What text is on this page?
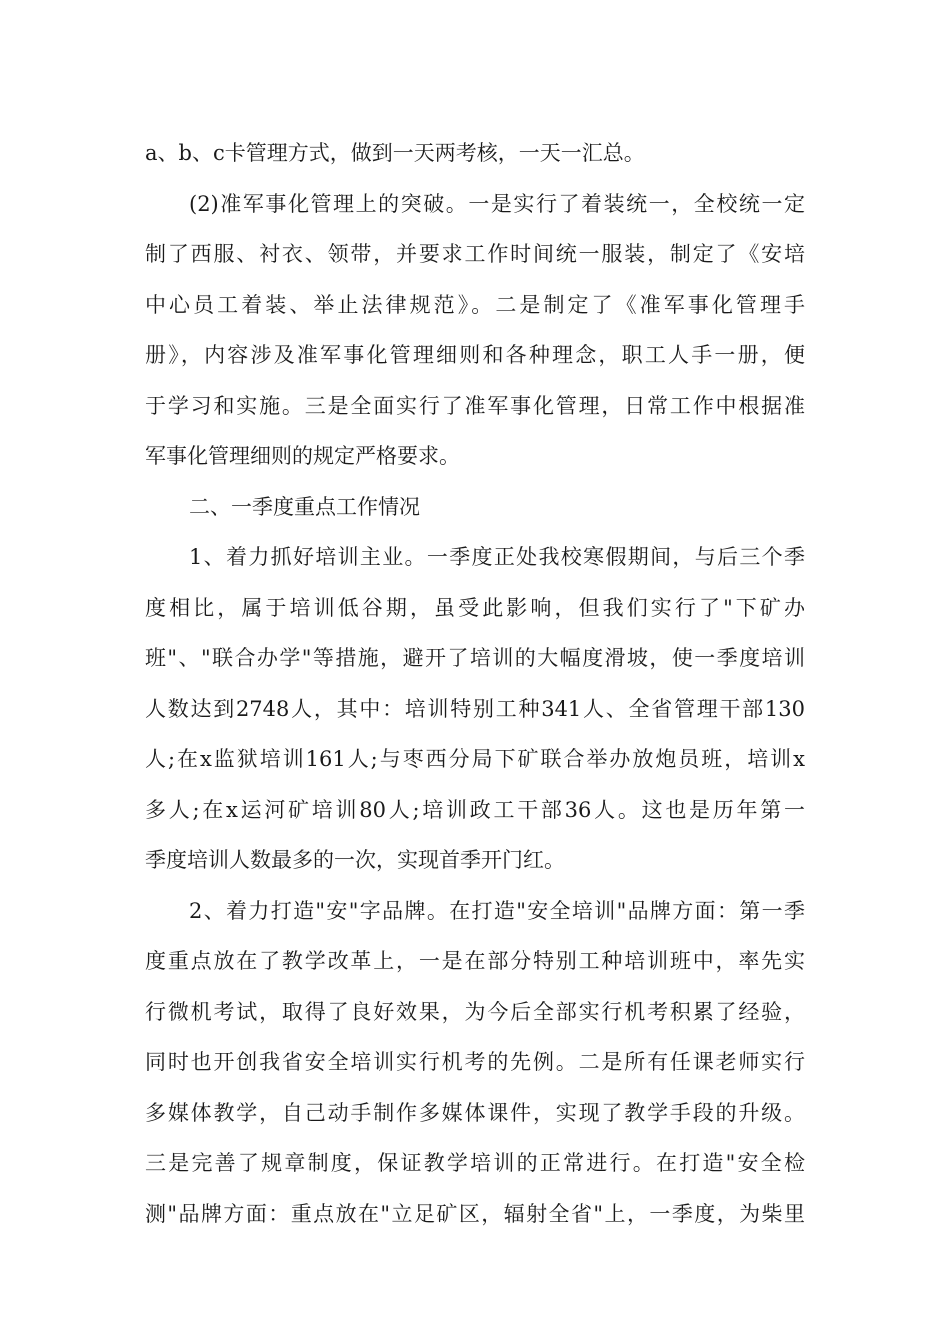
a、b、c卡管理方式，做到一天两考核，一天一汇总。
(2)准军事化管理上的突破。一是实行了着装统一，全校统一定
制了西服、衬衣、领带，并要求工作时间统一服装，制定了《安培
中心员工着装、举止法律规范》。二是制定了《准军事化管理手
册》，内容涉及准军事化管理细则和各种理念，职工人手一册，便
于学习和实施。三是全面实行了准军事化管理，日常工作中根据准
军事化管理细则的规定严格要求。
二、一季度重点工作情况
1、着力抓好培训主业。一季度正处我校寒假期间，与后三个季
度相比，属于培训低谷期，虽受此影响，但我们实行了"下矿办
班"、"联合办学"等措施，避开了培训的大幅度滑坡，使一季度培训
人数达到2748人，其中：培训特别工种341人、全省管理干部130
人;在x监狱培训161人;与枣西分局下矿联合举办放炮员班，培训x
多人;在x运河矿培训80人;培训政工干部36人。这也是历年第一
季度培训人数最多的一次，实现首季开门红。
2、着力打造"安"字品牌。在打造"安全培训"品牌方面：第一季
度重点放在了教学改革上，一是在部分特别工种培训班中，率先实
行微机考试，取得了良好效果，为今后全部实行机考积累了经验，
同时也开创我省安全培训实行机考的先例。二是所有任课老师实行
多媒体教学，自己动手制作多媒体课件，实现了教学手段的升级。
三是完善了规章制度，保证教学培训的正常进行。在打造"安全检
测"品牌方面：重点放在"立足矿区，辐射全省"上，一季度，为柴里
